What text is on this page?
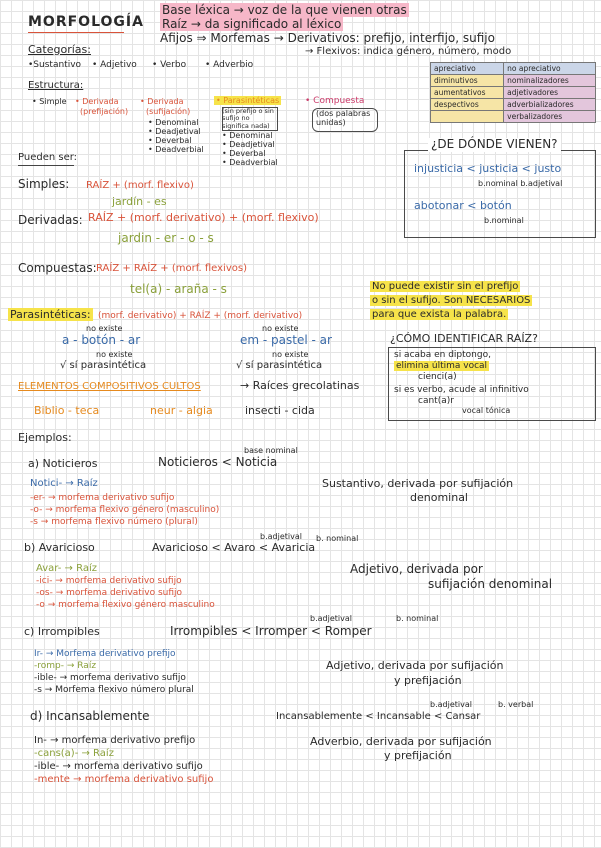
MORFOLOGÍA
Base léxica → voz de la que vienen otras
Raíz → da significado al léxico
Afijos ⇒ Morfemas → Derivativos: prefijo, interfijo, sufijo
→ Flexivos: indica género, número, modo
Categorías:
•Sustantivo • Adjetivo • Verbo • Adverbio	apreciativo	no apreciativo
diminutivos	nominalizadores
aumentativos	adjetivadores
despectivos	adverbializadores
	verbalizadores
Estructura:
• Simple • Derivada
(prefijación)
• Derivada
(sufijación)
• Denominal
• Deadjetival
• Deverbal
• Deadverbial
• Parasintéticas
(sin prefijo o sin sufijo no significa nada)
• Denominal
• Deadjetival
• Deverbal
• Deadverbial
• Compuesta
(dos palabras unidas)
Pueden ser:
¿DE DÓNDE VIENEN?
injusticia < justicia < justo
b.nominal b.adjetival
abotonar < botón
b.nominal
Simples: RAÍZ + (morf. flexivo)
jardín - es
Derivadas: RAÍZ + (morf. derivativo) + (morf. flexivo)
jardin - er - o - s
Compuestas: RAÍZ + RAÍZ + (morf. flexivos)
tel(a) - araña - s	No puede existir sin el prefijo
o sin el sufijo. Son NECESARIOS
para que exista la palabra.
Parasintéticas: (morf. derivativo) + RAÍZ + (morf. derivativo)
no existe
a - botón - ar
no existe
√ sí parasintética
no existe
em - pastel - ar
no existe
√ sí parasintética
¿CÓMO IDENTIFICAR RAÍZ?
si acaba en diptongo,
elimina última vocal
cienci(a)
si es verbo, acude al infinitivo
cant(a)r
vocal tónica
ELEMENTOS COMPOSITIVOS CULTOS	→ Raíces grecolatinas
Biblio - teca	neur - algia	insecti - cida
Ejemplos:
base nominal
a) Noticieros	Noticieros < Noticia
Notici- → Raíz
-er- → morfema derivativo sufijo
-o- → morfema flexivo género (masculino)
-s → morfema flexivo número (plural)
Sustantivo, derivada por sufijación
denominal
b.adjetival b. nominal
b) Avaricioso	Avaricioso < Avaro < Avaricia
Avar- → Raíz
-ici- → morfema derivativo sufijo
-os- → morfema derivativo sufijo
-o → morfema flexivo género masculino
Adjetivo, derivada por
sufijación denominal
b.adjetival	b. nominal
c) Irrompibles	Irrompibles < Irromper < Romper
Ir- → Morfema derivativo prefijo
-romp- → Raíz
-ible- → morfema derivativo sufijo
-s → Morfema flexivo número plural
Adjetivo, derivada por sufijación
y prefijación
b.adjetival	b. verbal
d) Incansablemente	Incansablemente < Incansable < Cansar
In- → morfema derivativo prefijo
-cans(a)- → Raíz
-ible- → morfema derivativo sufijo
-mente → morfema derivativo sufijo
Adverbio, derivada por sufijación
y prefijación
